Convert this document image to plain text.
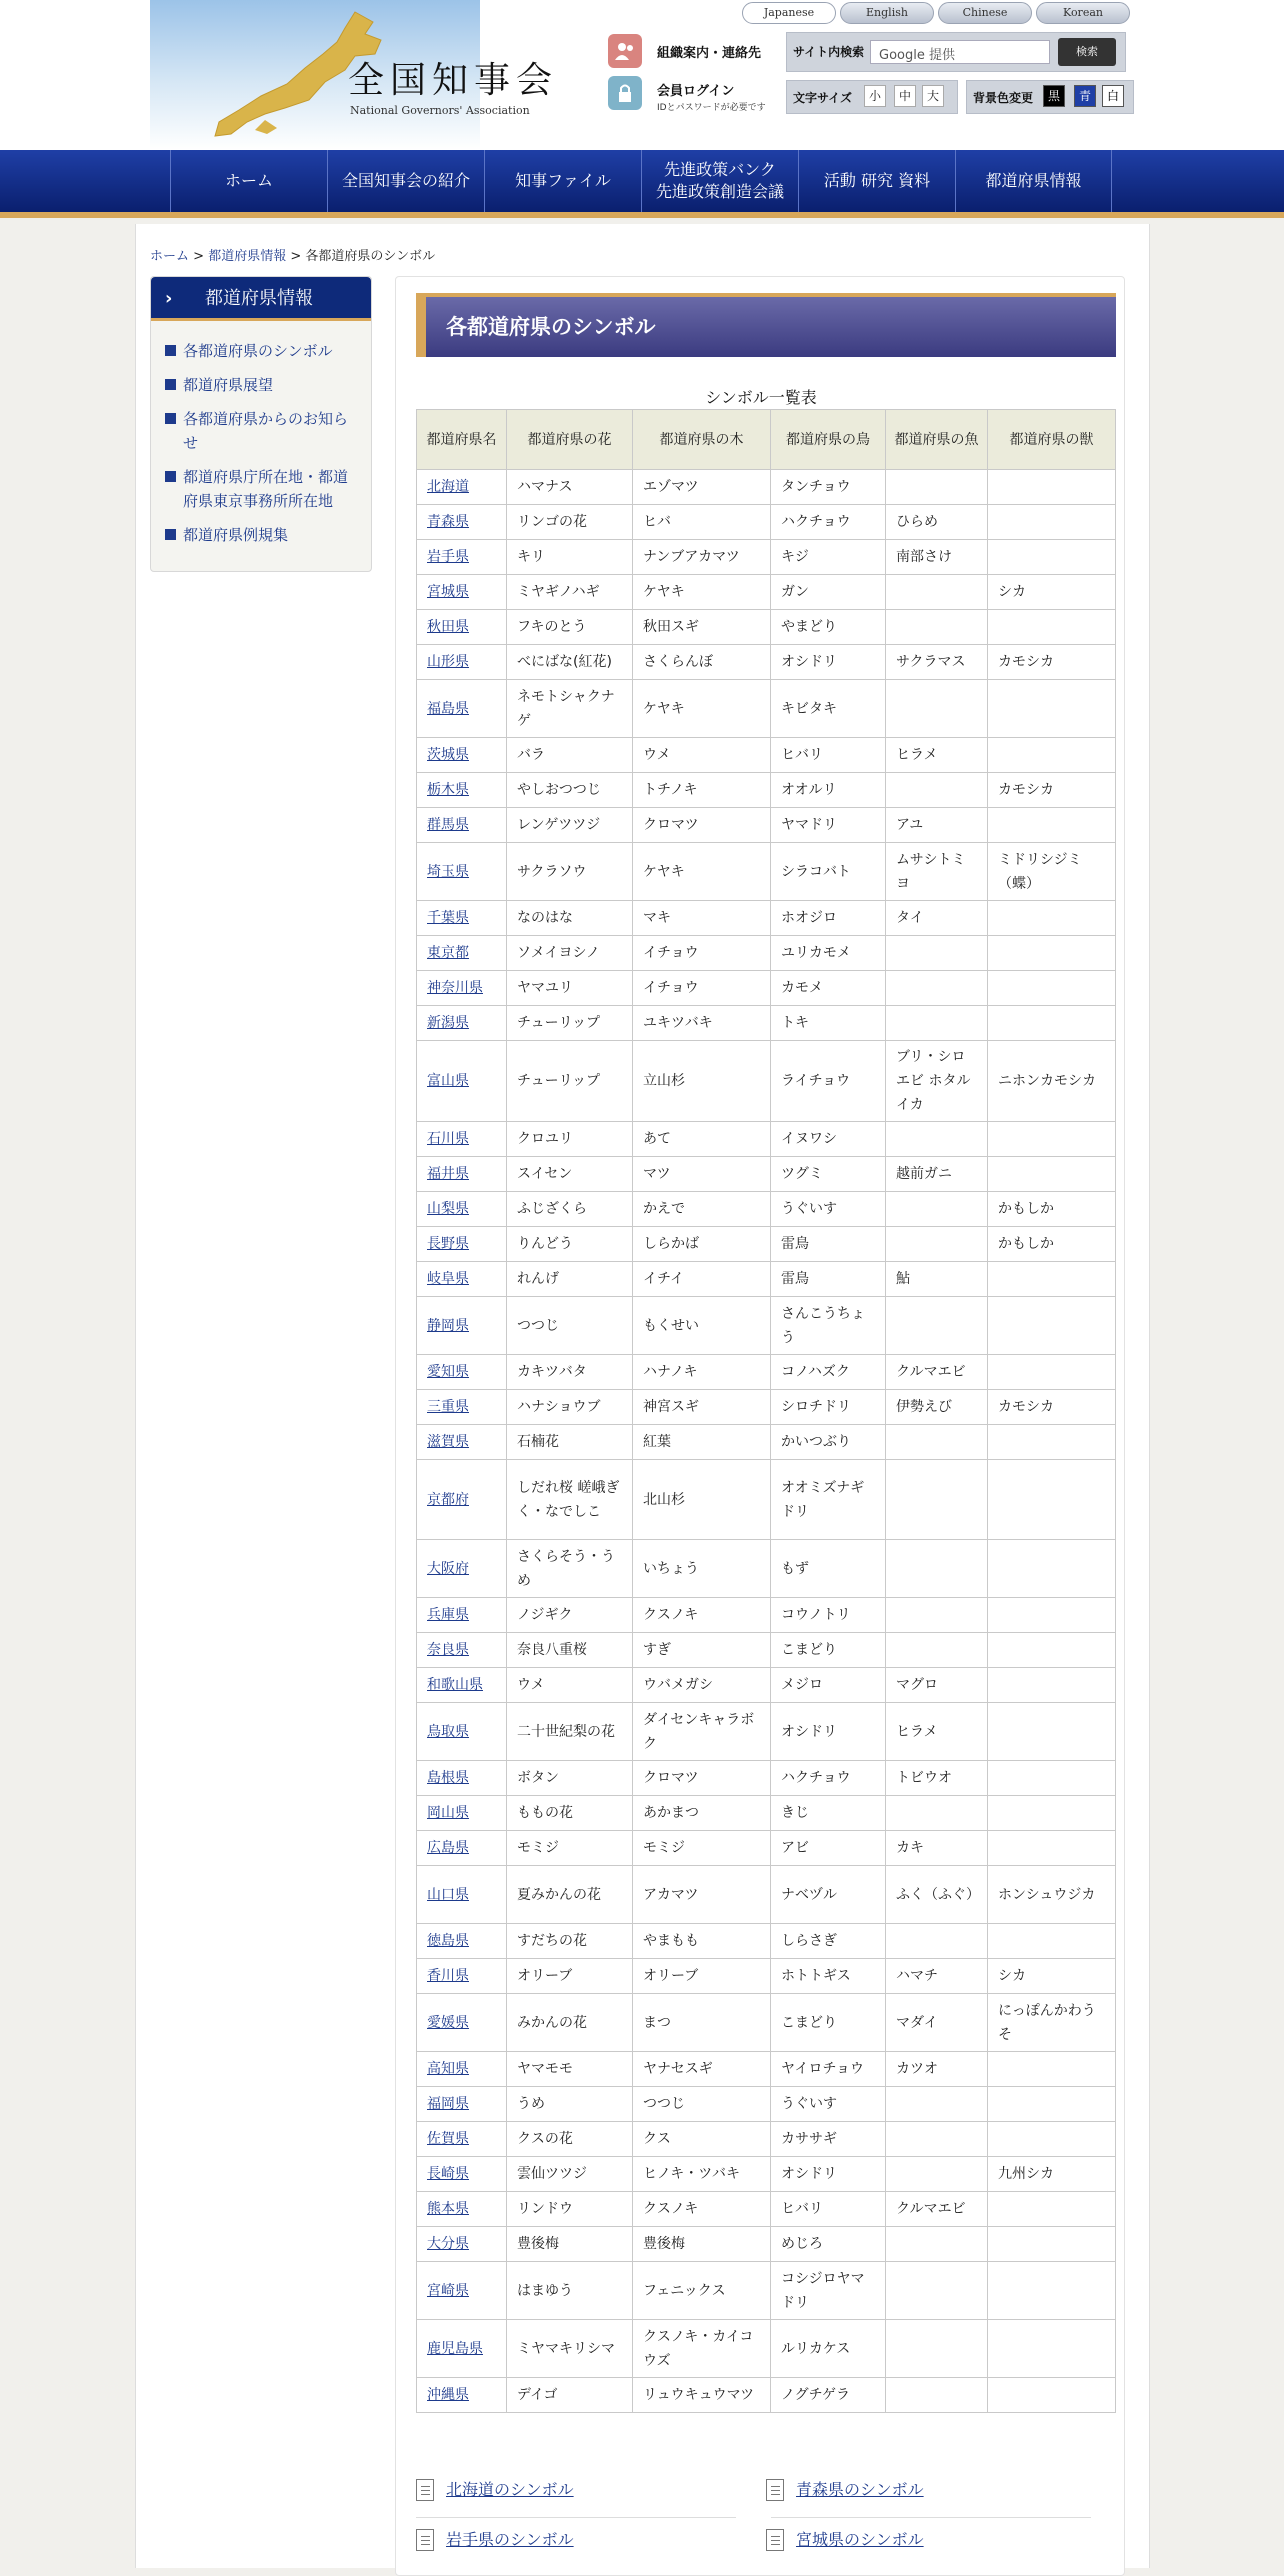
全国知事会
National Governors' Association
Japanese	English	Chinese	Korean
組織案内・連絡先
会員ログイン
IDとパスワードが必要です
サイト内検索	Google 提供	検索
文字サイズ	小	中	大	背景色変更	黒	青	白
ホーム	全国知事会の紹介	知事ファイル
先進政策バンク
先進政策創造会議
活動 研究 資料	都道府県情報
ホーム > 都道府県情報 > 各都道府県のシンボル
› 都道府県情報
各都道府県のシンボル
都道府県展望
各都道府県からのお知らせ
都道府県庁所在地・都道府県東京事務所所在地
都道府県例規集
各都道府県のシンボル
シンボル一覧表
都道府県名	都道府県の花	都道府県の木	都道府県の鳥	都道府県の魚	都道府県の獣
北海道	ハマナス	エゾマツ	タンチョウ		
青森県	リンゴの花	ヒバ	ハクチョウ	ひらめ	
岩手県	キリ	ナンブアカマツ	キジ	南部さけ	
宮城県	ミヤギノハギ	ケヤキ	ガン		シカ
秋田県	フキのとう	秋田スギ	やまどり		
山形県	べにばな(紅花)	さくらんぼ	オシドリ	サクラマス	カモシカ
福島県	ネモトシャクナゲ	ケヤキ	キビタキ		
茨城県	バラ	ウメ	ヒバリ	ヒラメ	
栃木県	やしおつつじ	トチノキ	オオルリ		カモシカ
群馬県	レンゲツツジ	クロマツ	ヤマドリ	アユ	
埼玉県	サクラソウ	ケヤキ	シラコバト	ムサシトミヨ	ミドリシジミ（蝶）
千葉県	なのはな	マキ	ホオジロ	タイ	
東京都	ソメイヨシノ	イチョウ	ユリカモメ		
神奈川県	ヤマユリ	イチョウ	カモメ		
新潟県	チューリップ	ユキツバキ	トキ		
富山県	チューリップ	立山杉	ライチョウ	ブリ・シロエビ ホタルイカ	ニホンカモシカ
石川県	クロユリ	あて	イヌワシ		
福井県	スイセン	マツ	ツグミ	越前ガニ	
山梨県	ふじざくら	かえで	うぐいす		かもしか
長野県	りんどう	しらかば	雷鳥		かもしか
岐阜県	れんげ	イチイ	雷鳥	鮎	
静岡県	つつじ	もくせい	さんこうちょう		
愛知県	カキツバタ	ハナノキ	コノハズク	クルマエビ	
三重県	ハナショウブ	神宮スギ	シロチドリ	伊勢えび	カモシカ
滋賀県	石楠花	紅葉	かいつぶり		
京都府	しだれ桜 嵯峨ぎく・なでしこ	北山杉	オオミズナギドリ		
大阪府	さくらそう・うめ	いちょう	もず		
兵庫県	ノジギク	クスノキ	コウノトリ		
奈良県	奈良八重桜	すぎ	こまどり		
和歌山県	ウメ	ウバメガシ	メジロ	マグロ	
鳥取県	二十世紀梨の花	ダイセンキャラボク	オシドリ	ヒラメ	
島根県	ボタン	クロマツ	ハクチョウ	トビウオ	
岡山県	ももの花	あかまつ	きじ		
広島県	モミジ	モミジ	アビ	カキ	
山口県	夏みかんの花	アカマツ	ナベヅル	ふく（ふぐ）	ホンシュウジカ
徳島県	すだちの花	やまもも	しらさぎ		
香川県	オリーブ	オリーブ	ホトトギス	ハマチ	シカ
愛媛県	みかんの花	まつ	こまどり	マダイ	にっぽんかわうそ
高知県	ヤマモモ	ヤナセスギ	ヤイロチョウ	カツオ	
福岡県	うめ	つつじ	うぐいす		
佐賀県	クスの花	クス	カササギ		
長崎県	雲仙ツツジ	ヒノキ・ツバキ	オシドリ		九州シカ
熊本県	リンドウ	クスノキ	ヒバリ	クルマエビ	
大分県	豊後梅	豊後梅	めじろ		
宮崎県	はまゆう	フェニックス	コシジロヤマドリ		
鹿児島県	ミヤマキリシマ	クスノキ・カイコウズ	ルリカケス		
沖縄県	デイゴ	リュウキュウマツ	ノグチゲラ		
北海道のシンボル	青森県のシンボル
岩手県のシンボル	宮城県のシンボル
